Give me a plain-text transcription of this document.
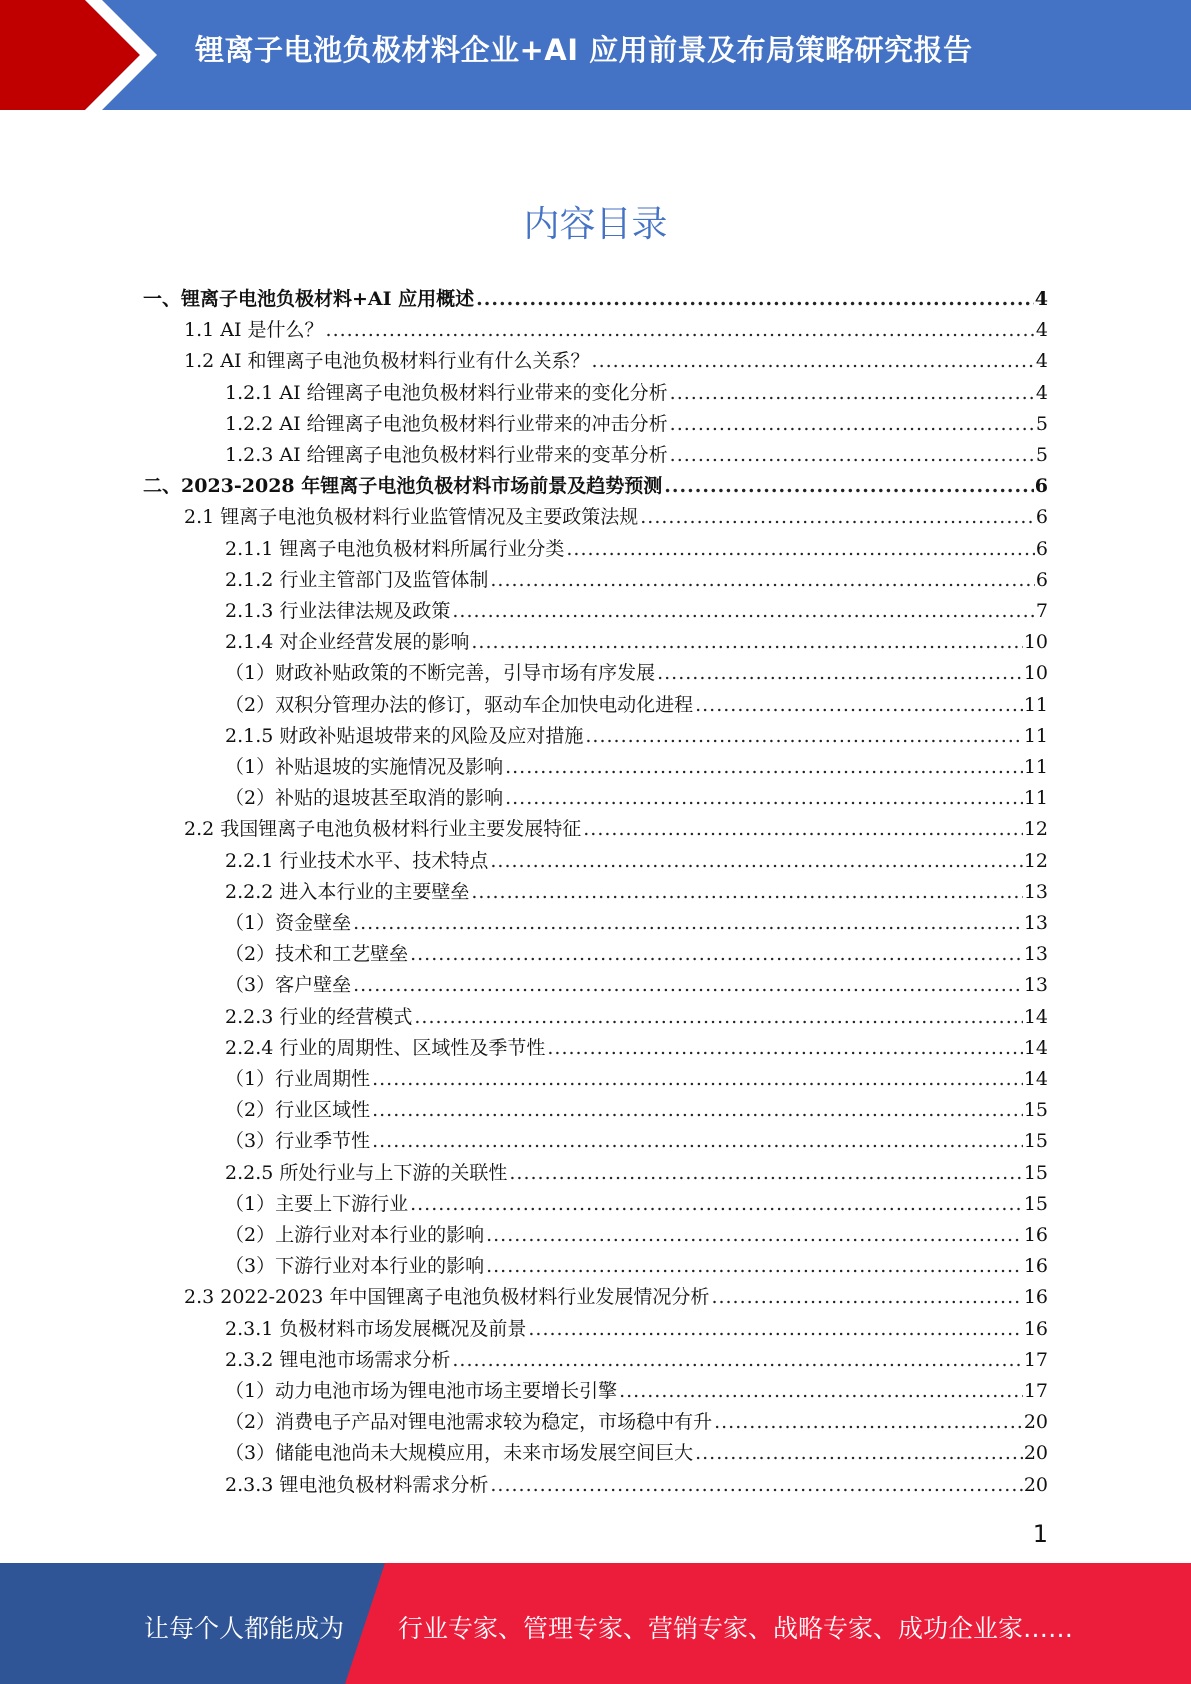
锂离子电池负极材料企业+AI 应用前景及布局策略研究报告
内容目录
一、锂离子电池负极材料+AI 应用概述 .....	4
1.1 AI 是什么？ .....	4
1.2 AI 和锂离子电池负极材料行业有什么关系？ .....	4
1.2.1 AI 给锂离子电池负极材料行业带来的变化分析 .....	4
1.2.2 AI 给锂离子电池负极材料行业带来的冲击分析 .....	5
1.2.3 AI 给锂离子电池负极材料行业带来的变革分析 .....	5
二、2023-2028 年锂离子电池负极材料市场前景及趋势预测 .....	6
2.1 锂离子电池负极材料行业监管情况及主要政策法规 .....	6
2.1.1 锂离子电池负极材料所属行业分类 .....	6
2.1.2 行业主管部门及监管体制 .....	6
2.1.3 行业法律法规及政策 .....	7
2.1.4 对企业经营发展的影响 .....	10
（1）财政补贴政策的不断完善，引导市场有序发展 .....	10
（2）双积分管理办法的修订，驱动车企加快电动化进程 .....	11
2.1.5 财政补贴退坡带来的风险及应对措施 .....	11
（1）补贴退坡的实施情况及影响 .....	11
（2）补贴的退坡甚至取消的影响 .....	11
2.2 我国锂离子电池负极材料行业主要发展特征 .....	12
2.2.1 行业技术水平、技术特点 .....	12
2.2.2 进入本行业的主要壁垒 .....	13
（1）资金壁垒 .....	13
（2）技术和工艺壁垒 .....	13
（3）客户壁垒 .....	13
2.2.3 行业的经营模式 .....	14
2.2.4 行业的周期性、区域性及季节性 .....	14
（1）行业周期性 .....	14
（2）行业区域性 .....	15
（3）行业季节性 .....	15
2.2.5 所处行业与上下游的关联性 .....	15
（1）主要上下游行业 .....	15
（2）上游行业对本行业的影响 .....	16
（3）下游行业对本行业的影响 .....	16
2.3 2022-2023 年中国锂离子电池负极材料行业发展情况分析 .....	16
2.3.1 负极材料市场发展概况及前景 .....	16
2.3.2 锂电池市场需求分析 .....	17
（1）动力电池市场为锂电池市场主要增长引擎 .....	17
（2）消费电子产品对锂电池需求较为稳定，市场稳中有升 .....	20
（3）储能电池尚未大规模应用，未来市场发展空间巨大 .....	20
2.3.3 锂电池负极材料需求分析 .....	20
1
让每个人都能成为 行业专家、管理专家、营销专家、战略专家、成功企业家……
